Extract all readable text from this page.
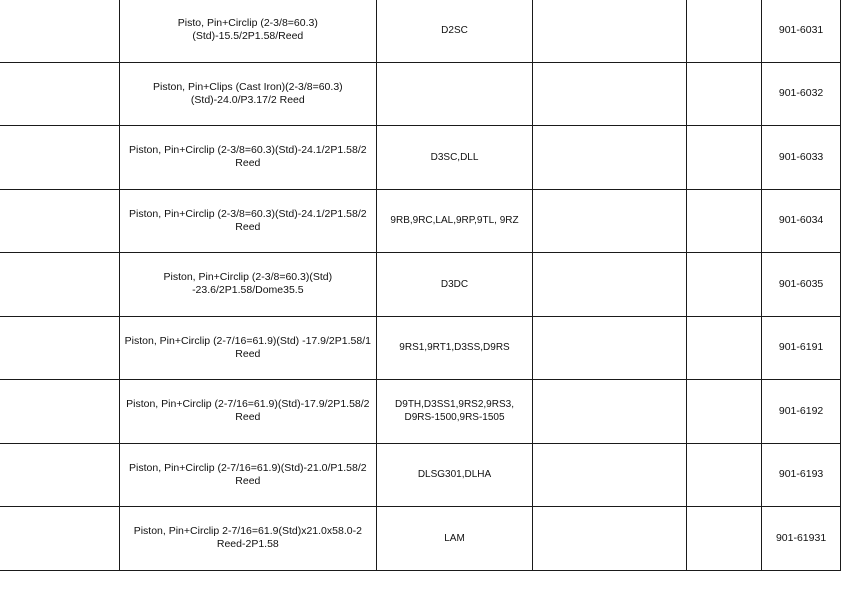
	Pisto, Pin+Circlip (2-3/8=60.3)(Std)-15.5/2P1.58/Reed	D2SC			901-6031
	Piston, Pin+Clips (Cast Iron)(2-3/8=60.3)(Std)-24.0/P3.17/2 Reed				901-6032
	Piston, Pin+Circlip (2-3/8=60.3)(Std)-24.1/2P1.58/2 Reed	D3SC,DLL			901-6033
	Piston, Pin+Circlip (2-3/8=60.3)(Std)-24.1/2P1.58/2 Reed	9RB,9RC,LAL,9RP,9TL, 9RZ			901-6034
	Piston, Pin+Circlip (2-3/8=60.3)(Std) -23.6/2P1.58/Dome35.5	D3DC			901-6035
	Piston, Pin+Circlip (2-7/16=61.9)(Std) -17.9/2P1.58/1 Reed	9RS1,9RT1,D3SS,D9RS			901-6191
	Piston, Pin+Circlip (2-7/16=61.9)(Std)-17.9/2P1.58/2 Reed	D9TH,D3SS1,9RS2,9RS3, D9RS-1500,9RS-1505			901-6192
	Piston, Pin+Circlip (2-7/16=61.9)(Std)-21.0/P1.58/2 Reed	DLSG301,DLHA			901-6193
	Piston, Pin+Circlip 2-7/16=61.9(Std)x21.0x58.0-2 Reed-2P1.58	LAM			901-61931
